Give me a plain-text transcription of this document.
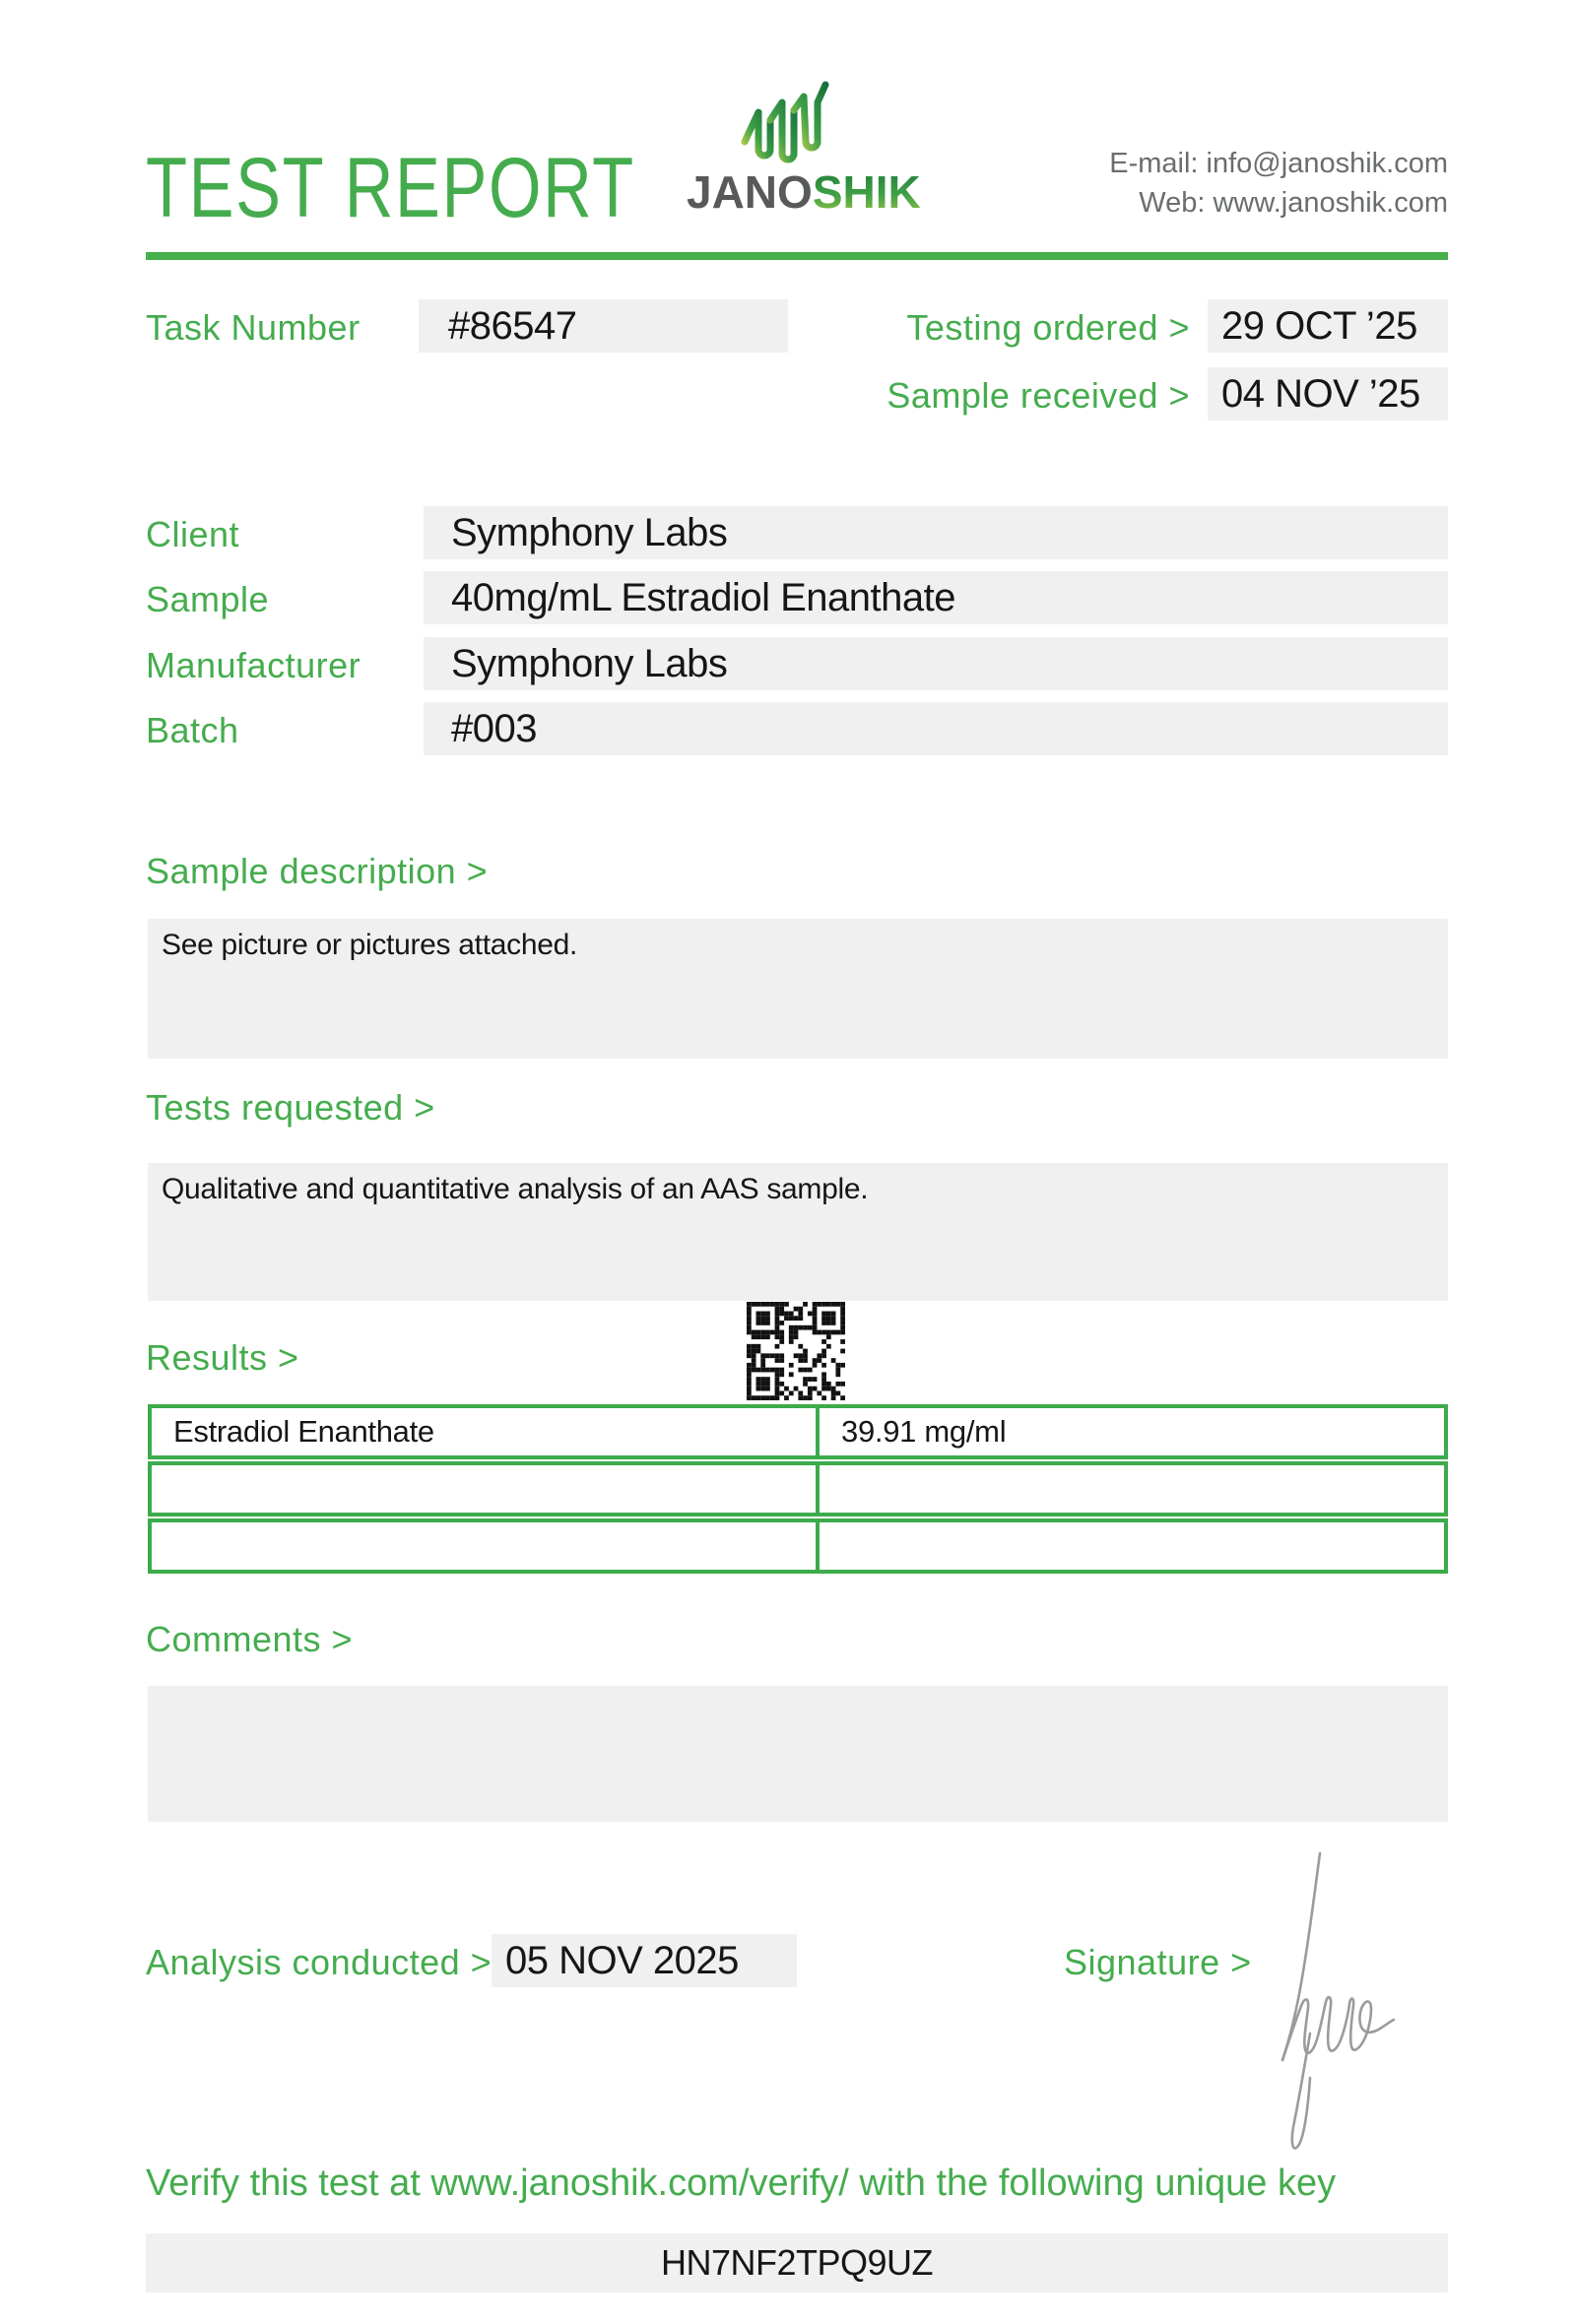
TEST REPORT JANOSHIK
E-mail: info@janoshik.com
Web: www.janoshik.com
Task Number	#86547	Testing ordered > 29 OCT ’25
Sample received > 04 NOV ’25
Client	Symphony Labs
Sample	40mg/mL Estradiol Enanthate
Manufacturer	Symphony Labs
Batch	#003
Sample description >
See picture or pictures attached.
Tests requested >
Qualitative and quantitative analysis of an AAS sample.
Results >
Estradiol Enanthate	39.91 mg/ml
Comments >
Analysis conducted > 05 NOV 2025	Signature >
Verify this test at www.janoshik.com/verify/ with the following unique key
HN7NF2TPQ9UZ
